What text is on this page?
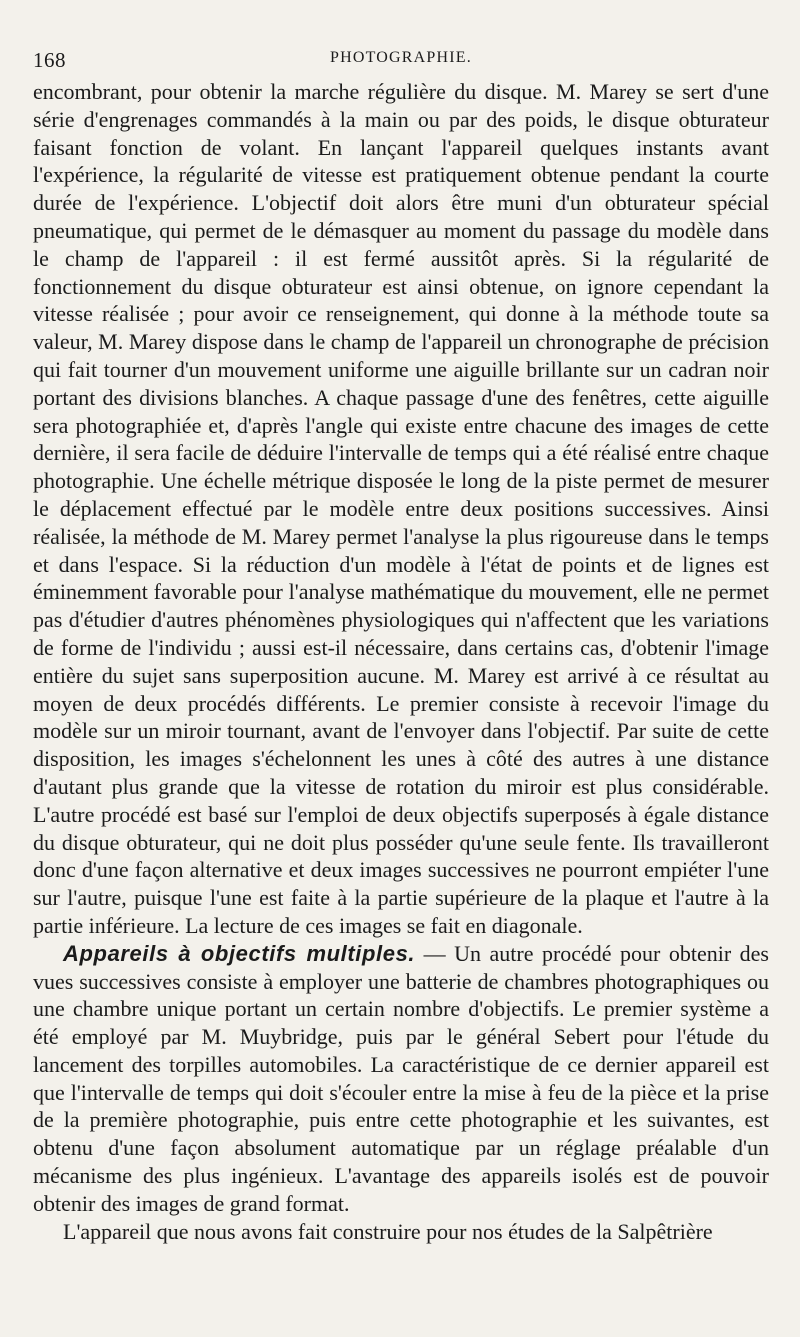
168	PHOTOGRAPHIE.

encombrant, pour obtenir la marche régulière du disque. M. Marey se sert d'une série d'engrenages commandés à la main ou par des poids, le disque obturateur faisant fonction de volant. En lançant l'appareil quelques instants avant l'expérience, la régularité de vitesse est pratiquement obtenue pendant la courte durée de l'expérience. L'objectif doit alors être muni d'un obturateur spécial pneumatique, qui permet de le démasquer au moment du passage du modèle dans le champ de l'appareil : il est fermé aussitôt après. Si la régularité de fonctionnement du disque obturateur est ainsi obtenue, on ignore cependant la vitesse réalisée ; pour avoir ce renseignement, qui donne à la méthode toute sa valeur, M. Marey dispose dans le champ de l'appareil un chronographe de précision qui fait tourner d'un mouvement uniforme une aiguille brillante sur un cadran noir portant des divisions blanches. A chaque passage d'une des fenêtres, cette aiguille sera photographiée et, d'après l'angle qui existe entre chacune des images de cette dernière, il sera facile de déduire l'intervalle de temps qui a été réalisé entre chaque photographie. Une échelle métrique disposée le long de la piste permet de mesurer le déplacement effectué par le modèle entre deux positions successives. Ainsi réalisée, la méthode de M. Marey permet l'analyse la plus rigoureuse dans le temps et dans l'espace. Si la réduction d'un modèle à l'état de points et de lignes est éminemment favorable pour l'analyse mathématique du mouvement, elle ne permet pas d'étudier d'autres phénomènes physiologiques qui n'affectent que les variations de forme de l'individu ; aussi est-il nécessaire, dans certains cas, d'obtenir l'image entière du sujet sans superposition aucune. M. Marey est arrivé à ce résultat au moyen de deux procédés différents. Le premier consiste à recevoir l'image du modèle sur un miroir tournant, avant de l'envoyer dans l'objectif. Par suite de cette disposition, les images s'échelonnent les unes à côté des autres à une distance d'autant plus grande que la vitesse de rotation du miroir est plus considérable. L'autre procédé est basé sur l'emploi de deux objectifs superposés à égale distance du disque obturateur, qui ne doit plus posséder qu'une seule fente. Ils travailleront donc d'une façon alternative et deux images successives ne pourront empiéter l'une sur l'autre, puisque l'une est faite à la partie supérieure de la plaque et l'autre à la partie inférieure. La lecture de ces images se fait en diagonale.

Appareils à objectifs multiples. — Un autre procédé pour obtenir des vues successives consiste à employer une batterie de chambres photographiques ou une chambre unique portant un certain nombre d'objectifs. Le premier système a été employé par M. Muybridge, puis par le général Sebert pour l'étude du lancement des torpilles automobiles. La caractéristique de ce dernier appareil est que l'intervalle de temps qui doit s'écouler entre la mise à feu de la pièce et la prise de la première photographie, puis entre cette photographie et les suivantes, est obtenu d'une façon absolument automatique par un réglage préalable d'un mécanisme des plus ingénieux. L'avantage des appareils isolés est de pouvoir obtenir des images de grand format.

L'appareil que nous avons fait construire pour nos études de la Salpêtrière
